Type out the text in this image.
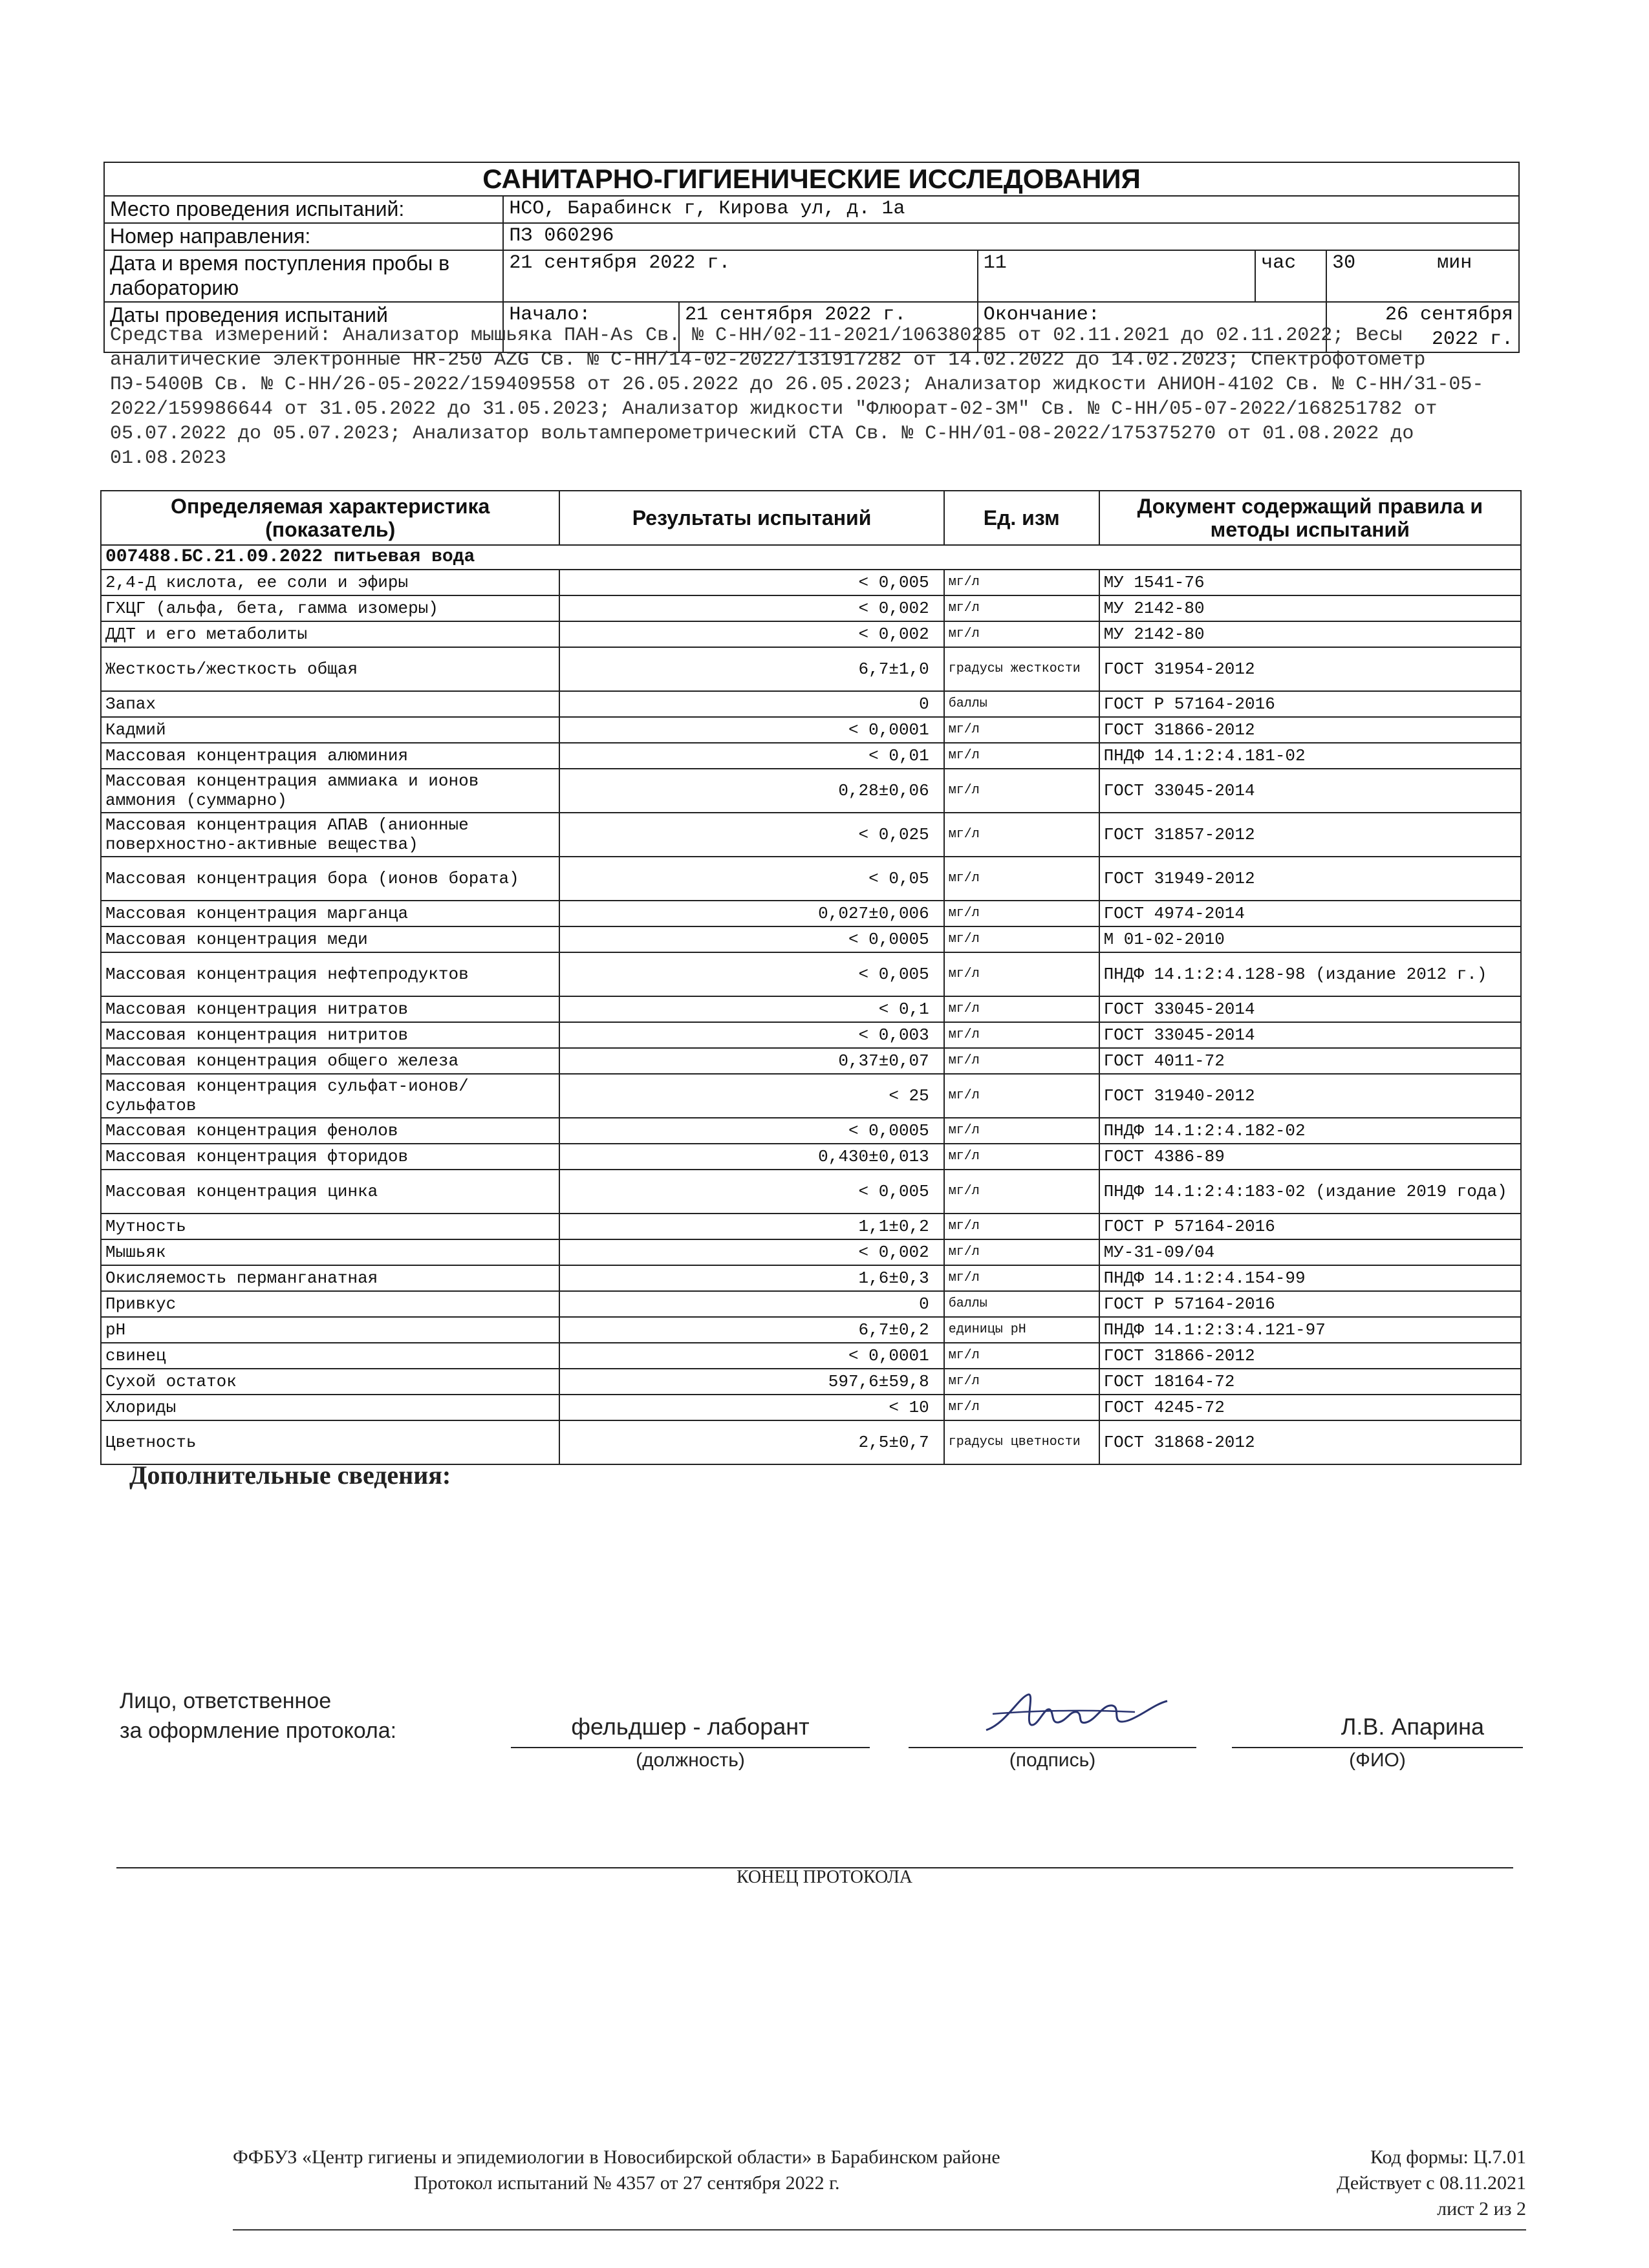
САНИТАРНО-ГИГИЕНИЧЕСКИЕ ИССЛЕДОВАНИЯ					
Место проведения испытаний:	НСО, Барабинск г, Кирова ул, д. 1а				
Номер направления:	ПЗ 060296				
Дата и время поступления пробы в лабораторию	21 сентября 2022 г.		11	час	30 мин
Даты проведения испытаний	Начало:	21 сентября 2022 г.	Окончание:		26 сентября 2022 г.
Средства измерений: Анализатор мышьяка ПАН-As Св. № С-НН/02-11-2021/106380285 от 02.11.2021 до 02.11.2022; Весы аналитические электронные HR-250 AZG Св. № С-НН/14-02-2022/131917282 от 14.02.2022 до 14.02.2023; Спектрофотометр ПЭ-5400В Св. № С-НН/26-05-2022/159409558 от 26.05.2022 до 26.05.2023; Анализатор жидкости АНИОН-4102 Св. № С-НН/31-05-2022/159986644 от 31.05.2022 до 31.05.2023; Анализатор жидкости "Флюорат-02-3М" Св. № С-НН/05-07-2022/168251782 от 05.07.2022 до 05.07.2023; Анализатор вольтамперометрический СТА Св. № С-НН/01-08-2022/175375270 от 01.08.2022 до 01.08.2023
Определяемая характеристика (показатель)	Результаты испытаний	Ед. изм	Документ содержащий правила и методы испытаний
007488.БС.21.09.2022 питьевая вода			
2,4-Д кислота, ее соли и эфиры	< 0,005	мг/л	МУ 1541-76
ГХЦГ (альфа, бета, гамма изомеры)	< 0,002	мг/л	МУ 2142-80
ДДТ и его метаболиты	< 0,002	мг/л	МУ 2142-80
Жесткость/жесткость общая	6,7±1,0	градусы жесткости	ГОСТ 31954-2012
Запах	0	баллы	ГОСТ Р 57164-2016
Кадмий	< 0,0001	мг/л	ГОСТ 31866-2012
Массовая концентрация алюминия	< 0,01	мг/л	ПНДФ 14.1:2:4.181-02
Массовая концентрация аммиака и ионов аммония (суммарно)	0,28±0,06	мг/л	ГОСТ 33045-2014
Массовая концентрация АПАВ (анионные поверхностно-активные вещества)	< 0,025	мг/л	ГОСТ 31857-2012
Массовая концентрация бора (ионов бората)	< 0,05	мг/л	ГОСТ 31949-2012
Массовая концентрация марганца	0,027±0,006	мг/л	ГОСТ 4974-2014
Массовая концентрация меди	< 0,0005	мг/л	М 01-02-2010
Массовая концентрация нефтепродуктов	< 0,005	мг/л	ПНДФ 14.1:2:4.128-98 (издание 2012 г.)
Массовая концентрация нитратов	< 0,1	мг/л	ГОСТ 33045-2014
Массовая концентрация нитритов	< 0,003	мг/л	ГОСТ 33045-2014
Массовая концентрация общего железа	0,37±0,07	мг/л	ГОСТ 4011-72
Массовая концентрация сульфат-ионов/сульфатов	< 25	мг/л	ГОСТ 31940-2012
Массовая концентрация фенолов	< 0,0005	мг/л	ПНДФ 14.1:2:4.182-02
Массовая концентрация фторидов	0,430±0,013	мг/л	ГОСТ 4386-89
Массовая концентрация цинка	< 0,005	мг/л	ПНДФ 14.1:2:4:183-02 (издание 2019 года)
Мутность	1,1±0,2	мг/л	ГОСТ Р 57164-2016
Мышьяк	< 0,002	мг/л	МУ-31-09/04
Окисляемость перманганатная	1,6±0,3	мг/л	ПНДФ 14.1:2:4.154-99
Привкус	0	баллы	ГОСТ Р 57164-2016
pH	6,7±0,2	единицы pH	ПНДФ 14.1:2:3:4.121-97
свинец	< 0,0001	мг/л	ГОСТ 31866-2012
Сухой остаток	597,6±59,8	мг/л	ГОСТ 18164-72
Хлориды	< 10	мг/л	ГОСТ 4245-72
Цветность	2,5±0,7	градусы цветности	ГОСТ 31868-2012
Дополнительные сведения:
Лицо, ответственное
за оформление протокола:	фельдшер - лаборант
(должность)	(подпись)
Л.В. Апарина
(ФИО)
КОНЕЦ ПРОТОКОЛА
ФФБУЗ «Центр гигиены и эпидемиологии в Новосибирской области» в Барабинском районе
Протокол испытаний № 4357 от 27 сентября 2022 г.
Код формы: Ц.7.01
Действует с 08.11.2021
лист 2 из 2
